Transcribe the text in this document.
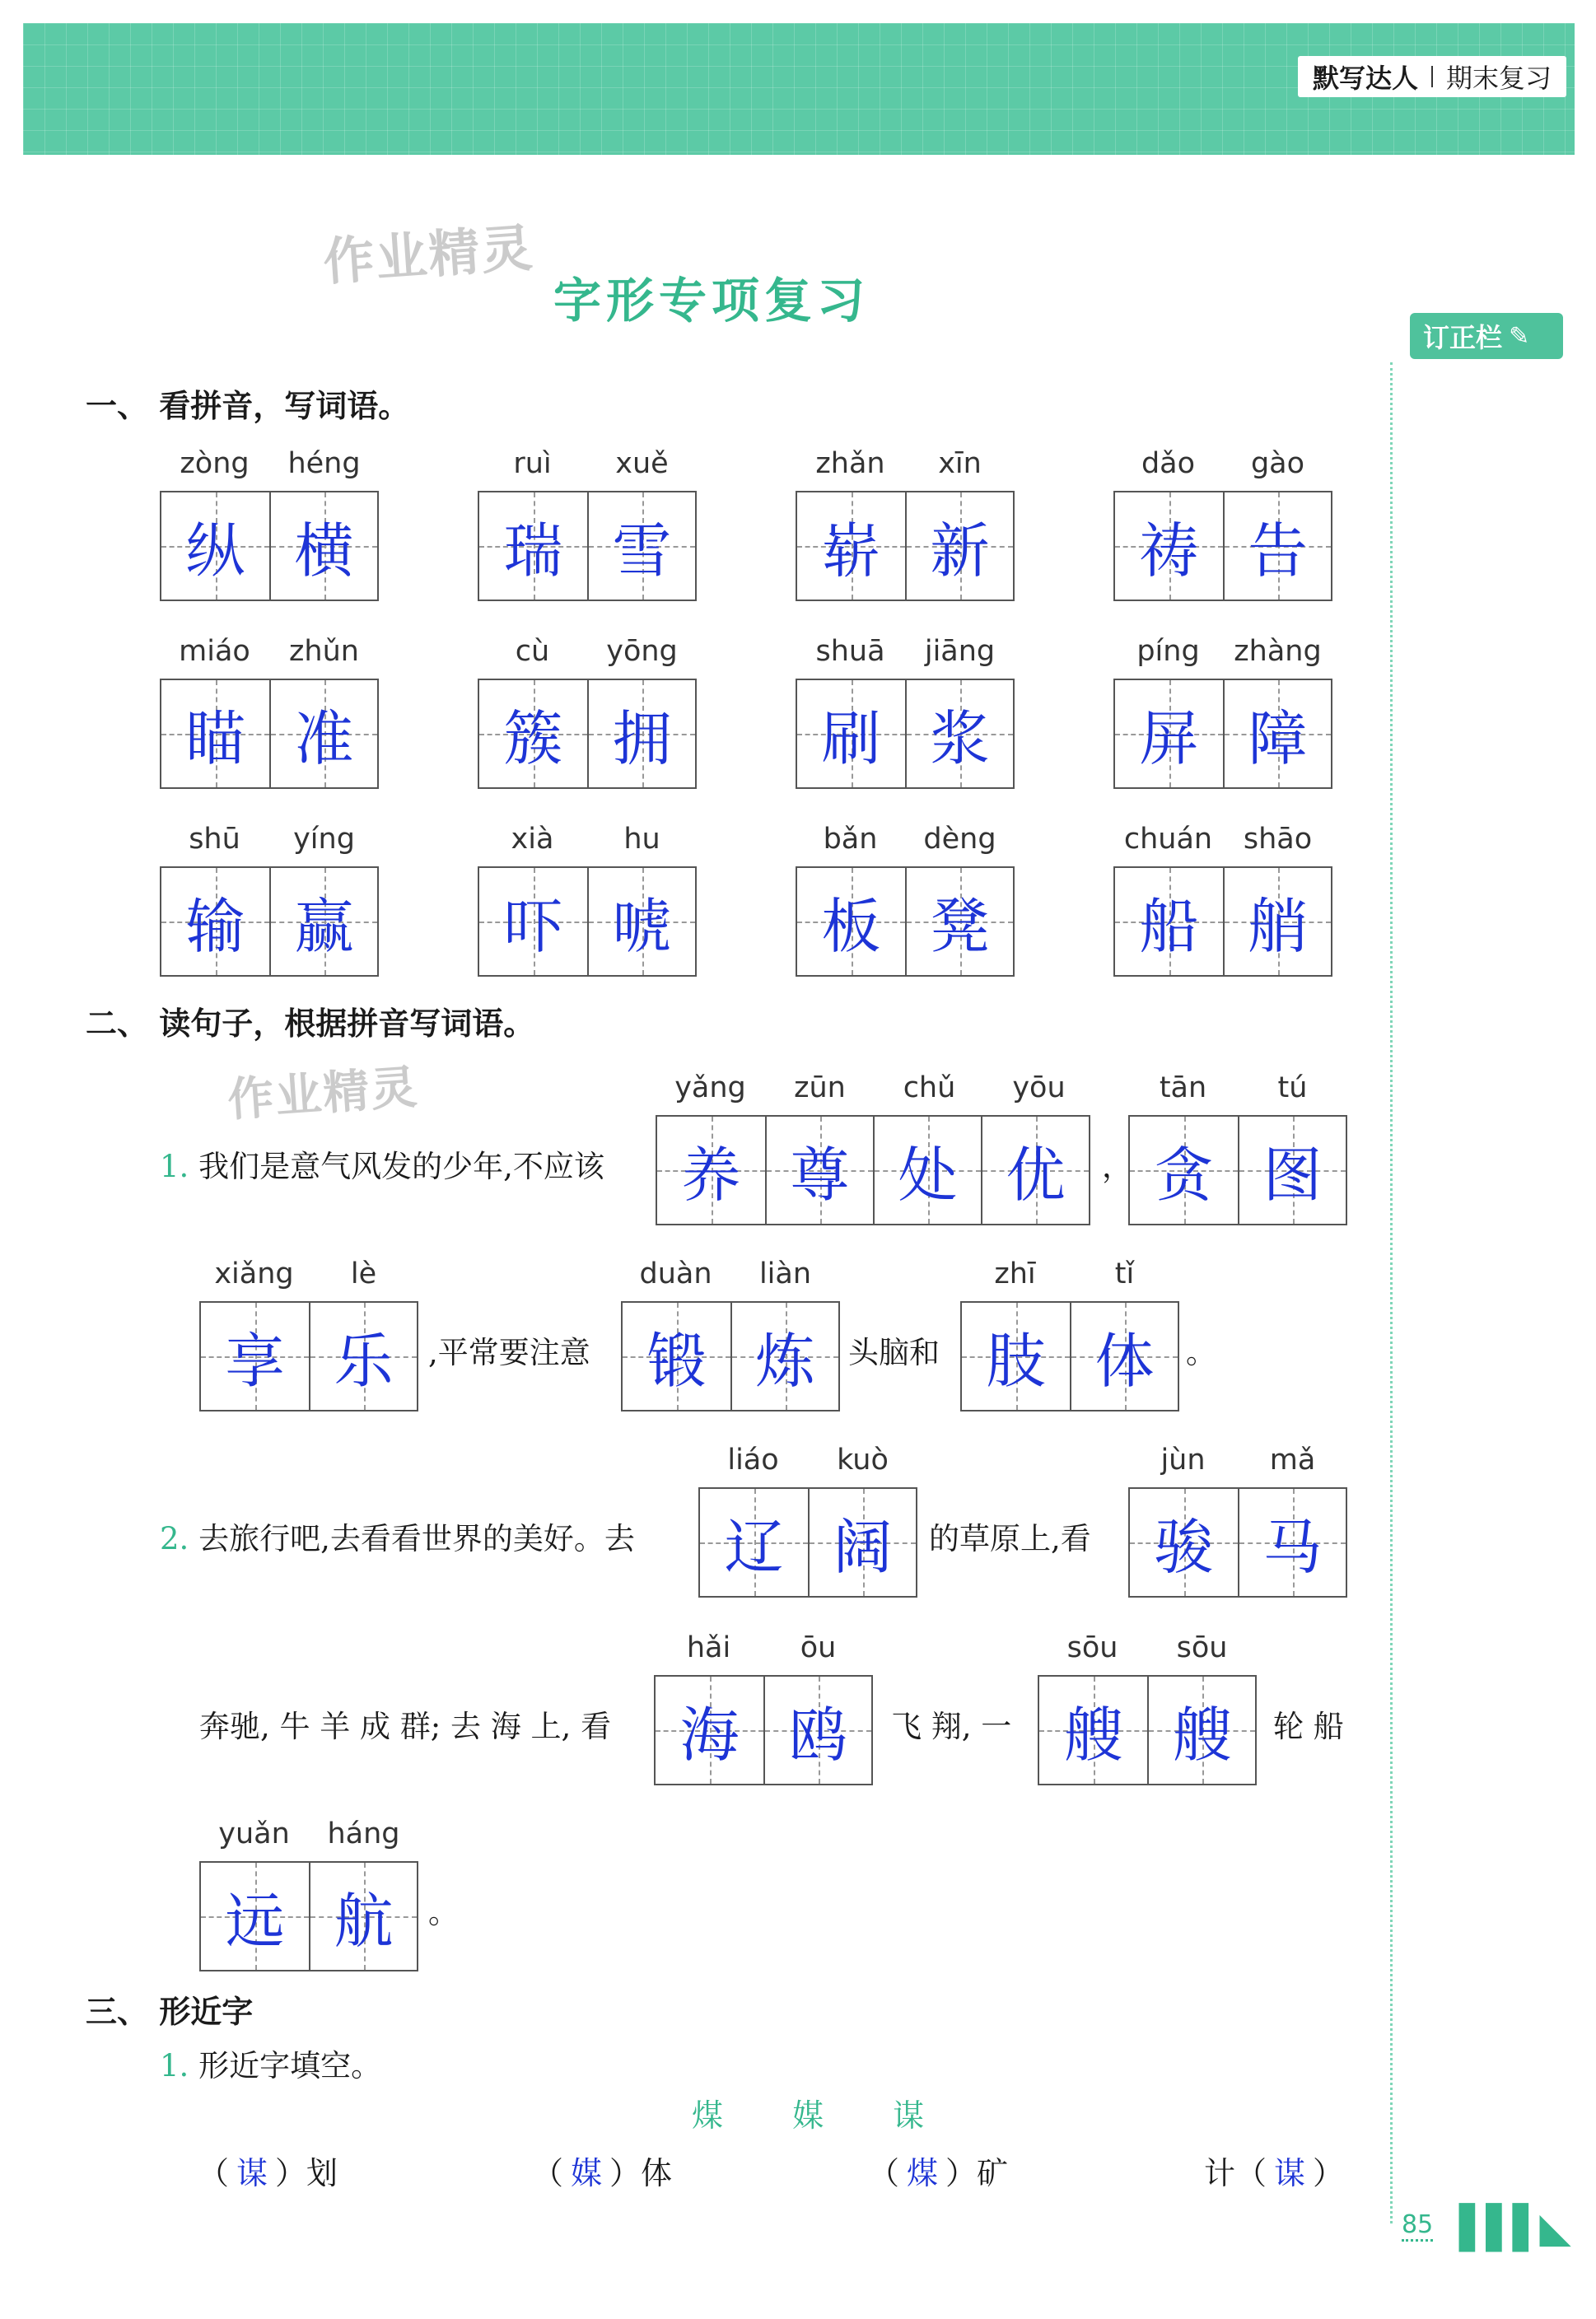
默写达人 期末复习
作业精灵
作业精灵
字形专项复习
订正栏 ✎
一、 看拼音，写词语。
zòng	héng
纵 横
ruì	xuě
瑞 雪
zhǎn	xīn
崭 新
dǎo	gào
祷 告
miáo	zhǔn
瞄 准
cù	yōng
簇 拥
shuā	jiāng
刷 浆
píng	zhàng
屏 障
shū	yíng
输 赢
xià	hu
吓 唬
bǎn	dèng
板 凳
chuán	shāo
船 艄
二、 读句子，根据拼音写词语。
1. 我们是意气风发的少年,不应该
yǎng	zūn	chǔ	yōu
养 尊 处 优 ，
tān	tú
贪 图
xiǎng	lè
享 乐 ,平常要注意
duàn	liàn
锻 炼 头脑和
zhī	tǐ
肢 体 。
2. 去旅行吧,去看看世界的美好。去
liáo	kuò
辽 阔 的草原上,看
jùn	mǎ
骏 马
奔驰, 牛 羊 成 群; 去 海 上, 看
hǎi	ōu
海 鸥 飞 翔, 一
sōu	sōu
艘 艘 轮 船
yuǎn	háng
远 航 。
三、 形近字
1. 形近字填空。
煤 媒 谋
（ 谋 ）划	（ 媒 ）体	（ 煤 ）矿	计（ 谋 ）
85 ▌▌▌◣
